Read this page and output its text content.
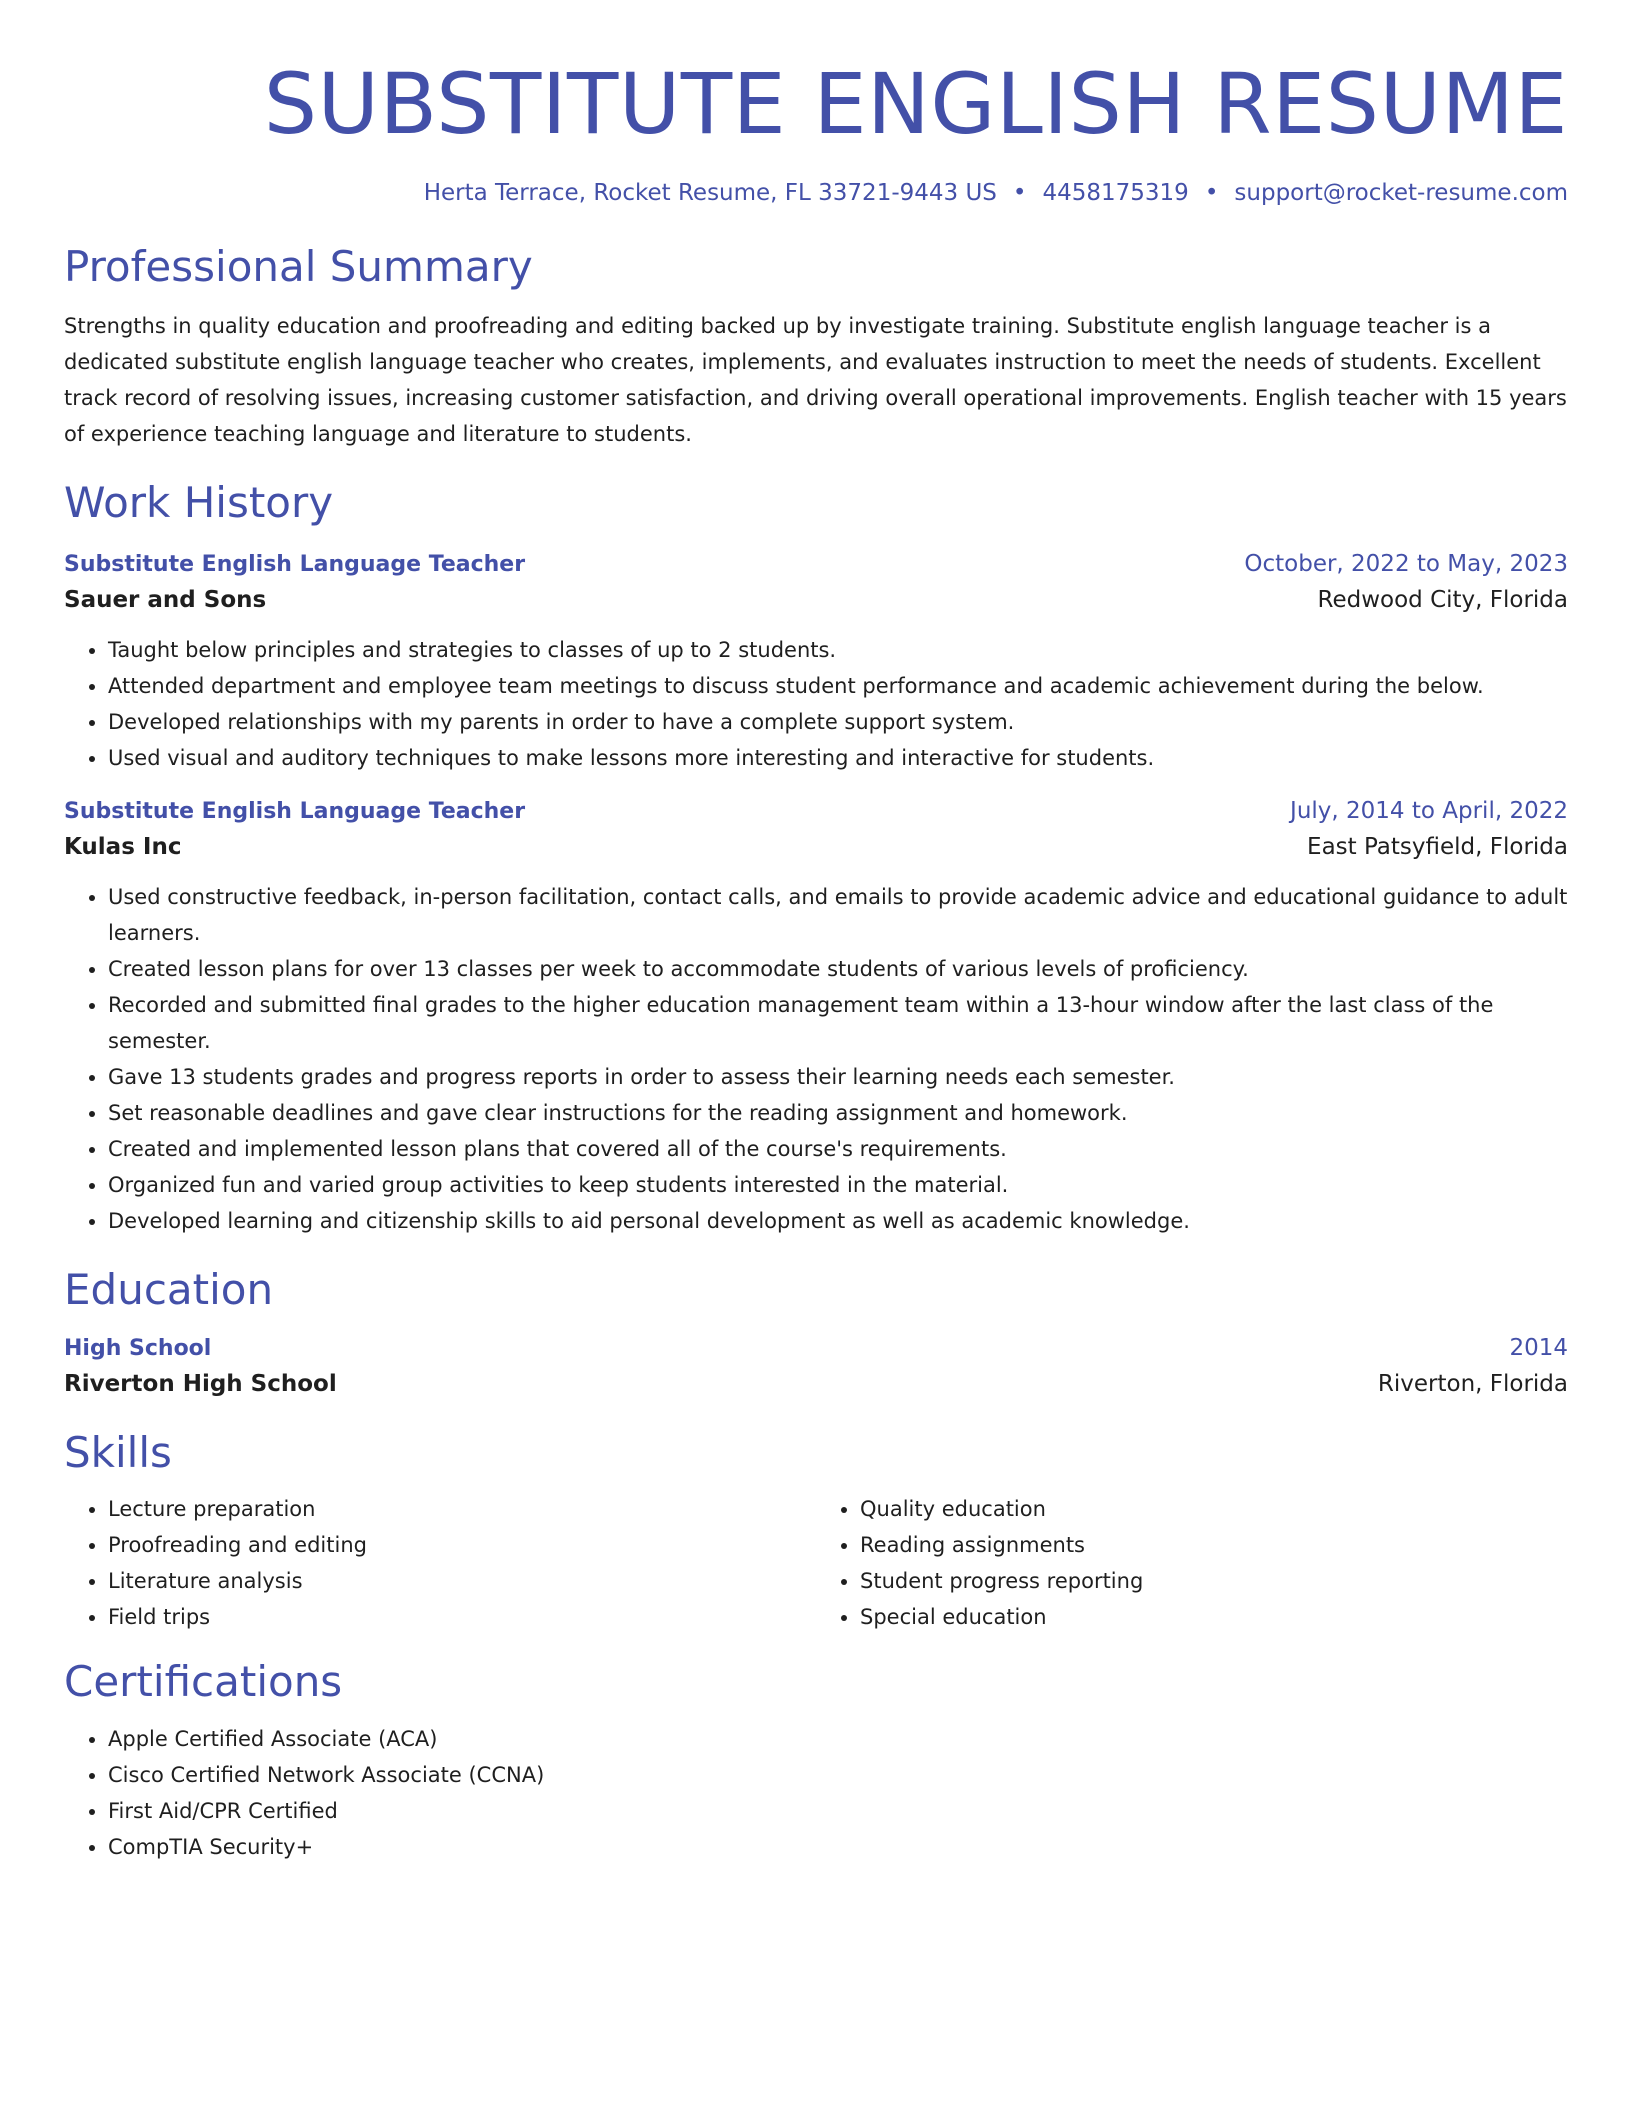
SUBSTITUTE ENGLISH RESUME
Herta Terrace, Rocket Resume, FL 33721-9443 US • 4458175319 • support@rocket-resume.com
Professional Summary
Strengths in quality education and proofreading and editing backed up by investigate training. Substitute english language teacher is a dedicated substitute english language teacher who creates, implements, and evaluates instruction to meet the needs of students. Excellent track record of resolving issues, increasing customer satisfaction, and driving overall operational improvements. English teacher with 15 years of experience teaching language and literature to students.
Work History
Substitute English Language Teacher	October, 2022 to May, 2023
Sauer and Sons	Redwood City, Florida
• Taught below principles and strategies to classes of up to 2 students.
• Attended department and employee team meetings to discuss student performance and academic achievement during the below.
• Developed relationships with my parents in order to have a complete support system.
• Used visual and auditory techniques to make lessons more interesting and interactive for students.
Substitute English Language Teacher	July, 2014 to April, 2022
Kulas Inc	East Patsyfield, Florida
• Used constructive feedback, in-person facilitation, contact calls, and emails to provide academic advice and educational guidance to adult learners.
• Created lesson plans for over 13 classes per week to accommodate students of various levels of proficiency.
• Recorded and submitted final grades to the higher education management team within a 13-hour window after the last class of the semester.
• Gave 13 students grades and progress reports in order to assess their learning needs each semester.
• Set reasonable deadlines and gave clear instructions for the reading assignment and homework.
• Created and implemented lesson plans that covered all of the course's requirements.
• Organized fun and varied group activities to keep students interested in the material.
• Developed learning and citizenship skills to aid personal development as well as academic knowledge.
Education
High School	2014
Riverton High School	Riverton, Florida
Skills
• Lecture preparation
• Proofreading and editing
• Literature analysis
• Field trips
• Quality education
• Reading assignments
• Student progress reporting
• Special education
Certifications
• Apple Certified Associate (ACA)
• Cisco Certified Network Associate (CCNA)
• First Aid/CPR Certified
• CompTIA Security+
